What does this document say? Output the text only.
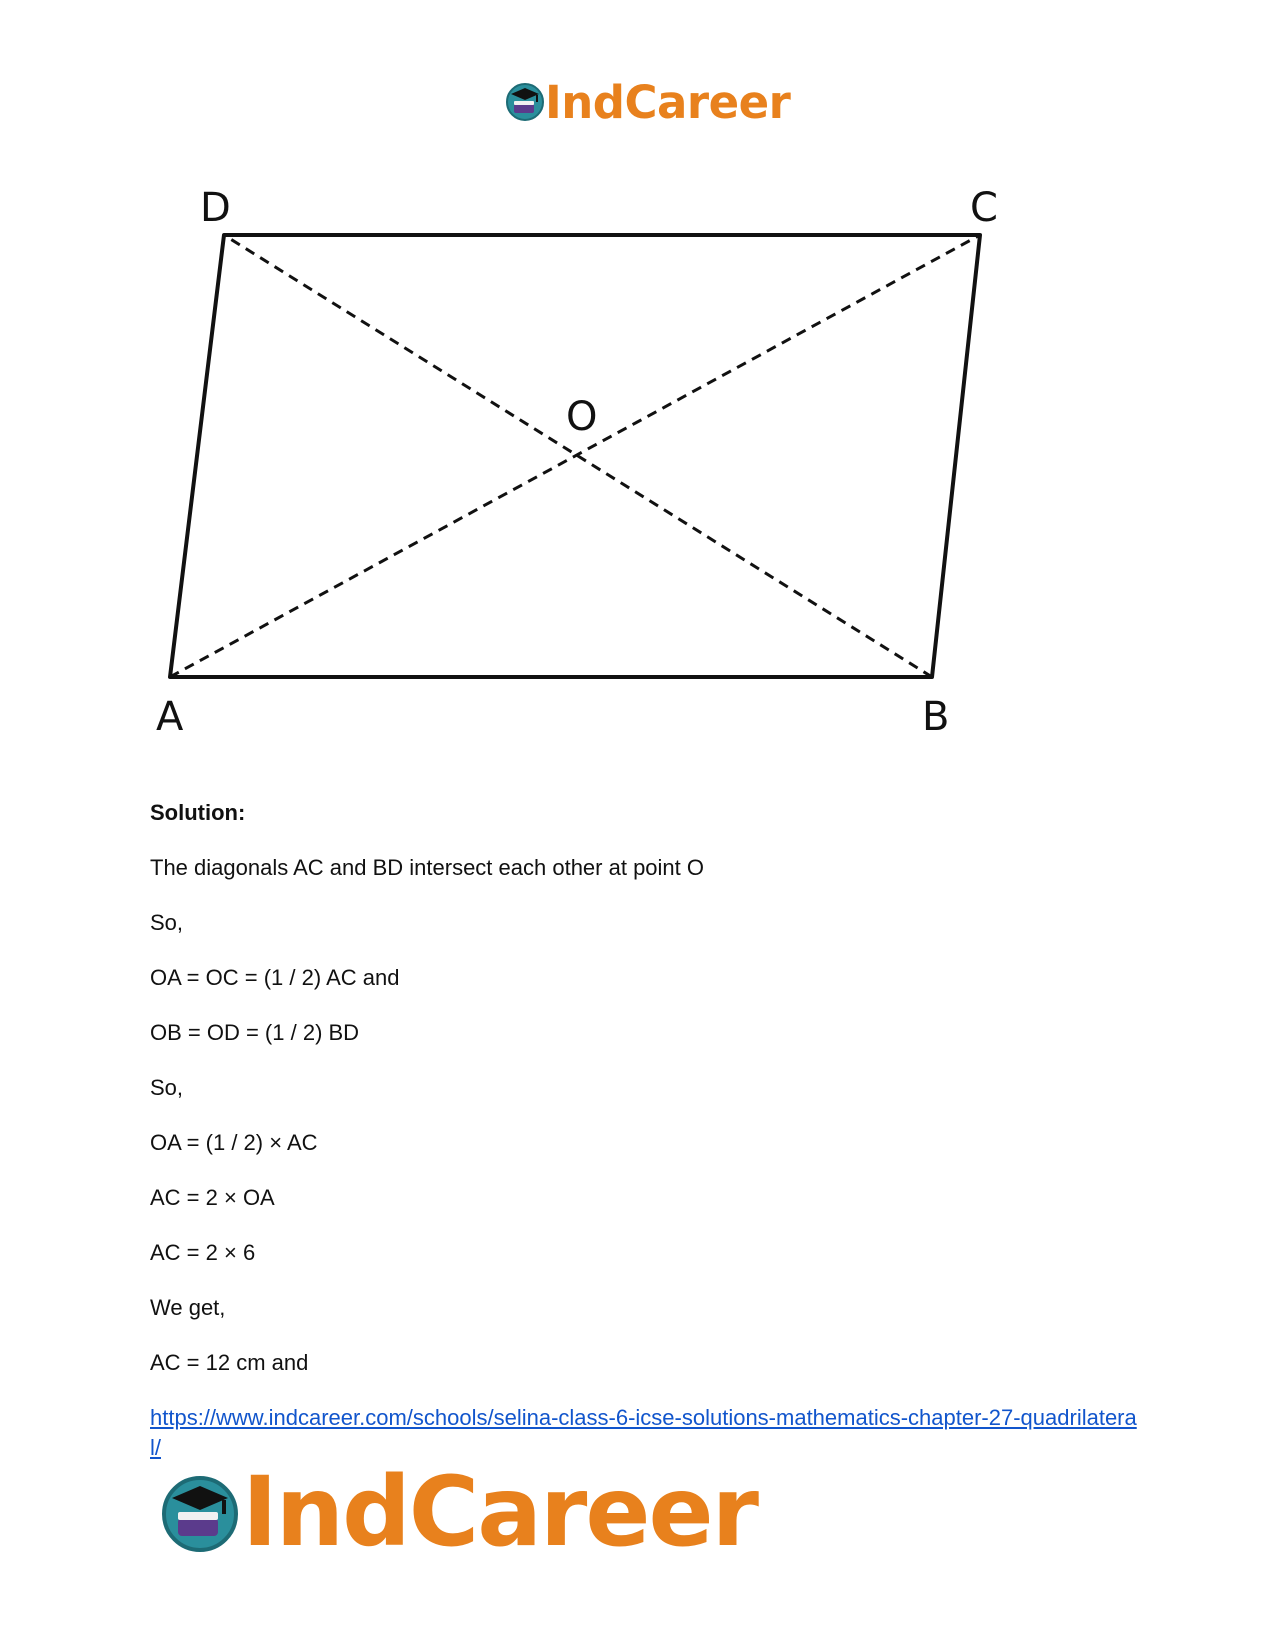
IndCareer
D	C
O
A	B
Solution:
The diagonals AC and BD intersect each other at point O
So,
OA = OC = (1 / 2) AC and
OB = OD = (1 / 2) BD
So,
OA = (1 / 2) × AC
AC = 2 × OA
AC = 2 × 6
We get,
AC = 12 cm and
https://www.indcareer.com/schools/selina-class-6-icse-solutions-mathematics-chapter-27-quadrilateral/
IndCareer
